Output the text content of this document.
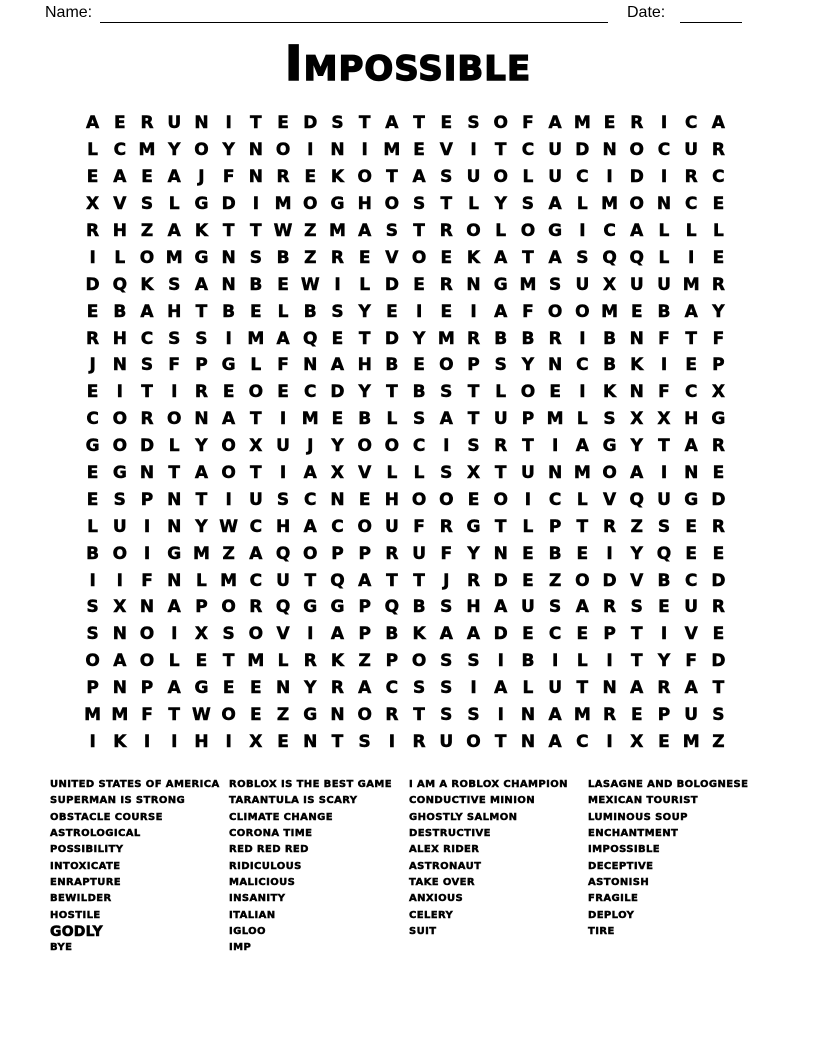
Name:	Date:
Impossible
A E R U N I	T E D S T A T E S O F A M E R	I	C A
L C M Y O Y N O I N I M E V	I	T C U D N O C U R
E A E A	J	F N R E K O T A S U O L U C	I D I	R C
X V S L G D I M O G H O S T L Y S A L M O N C E
R H Z A K T T W Z M A S T R O L O G	I	C A L L L
I	L O M G N S B Z R E V O E K A T A S Q Q L	I	E
D Q K S A N B E W I	L D E R N G M S U X U U M R
E B A H T B E L B S Y E	I	E	I	A F O O M E B A Y
R H C S S	I M A Q E T D Y M R B B R	I	B N F T F
J N S F P G L F N A H B E O P S Y N C B K	I	E P
E	I	T	I	R E O E C D Y T B S T L O E	I	K N F C X
C O R O N A T	I M E B L S A T U P M L S X X H G
G O D L Y O X U	J	Y O O C	I	S R T	I	A G Y T A R
E G N T A O T	I	A X V L L S X T U N M O A	I N E
E S P N T	I	U S C N E H O O E O I	C L V Q U G D
L U	I N Y W C H A C O U F R G T L P T R Z S E R
B O I	G M Z A Q O P P R U F Y N E B E	I	Y Q E E
I	I	F N L M C U T Q A T T	J	R D E Z O D V B C D
S X N A P O R Q G G P Q B S H A U S A R S E U R
S N O I	X S O V	I	A P B K A A D E C E P T	I	V E
O A O L E T M L R K Z P O S S	I	B	I	L	I	T Y F D
P N P A G E E N Y R A C S S	I	A L U T N A R A T
M M F T W O E Z G N O R T S S	I N A M R E P U S
I	K	I	I H I	X E N T S	I	R U O T N A C	I	X E M Z
UNITED STATES OF AMERICA
SUPERMAN IS STRONG
OBSTACLE COURSE
ASTROLOGICAL
POSSIBILITY
INTOXICATE
ENRAPTURE
BEWILDER
HOSTILE
GODLY
BYE
ROBLOX IS THE BEST GAME
TARANTULA IS SCARY
CLIMATE CHANGE
CORONA TIME
RED RED RED
RIDICULOUS
MALICIOUS
INSANITY
ITALIAN
IGLOO
IMP
I AM A ROBLOX CHAMPION
CONDUCTIVE MINION
GHOSTLY SALMON
DESTRUCTIVE
ALEX RIDER
ASTRONAUT
TAKE OVER
ANXIOUS
CELERY
SUIT
LASAGNE AND BOLOGNESE
MEXICAN TOURIST
LUMINOUS SOUP
ENCHANTMENT
IMPOSSIBLE
DECEPTIVE
ASTONISH
FRAGILE
DEPLOY
TIRE
